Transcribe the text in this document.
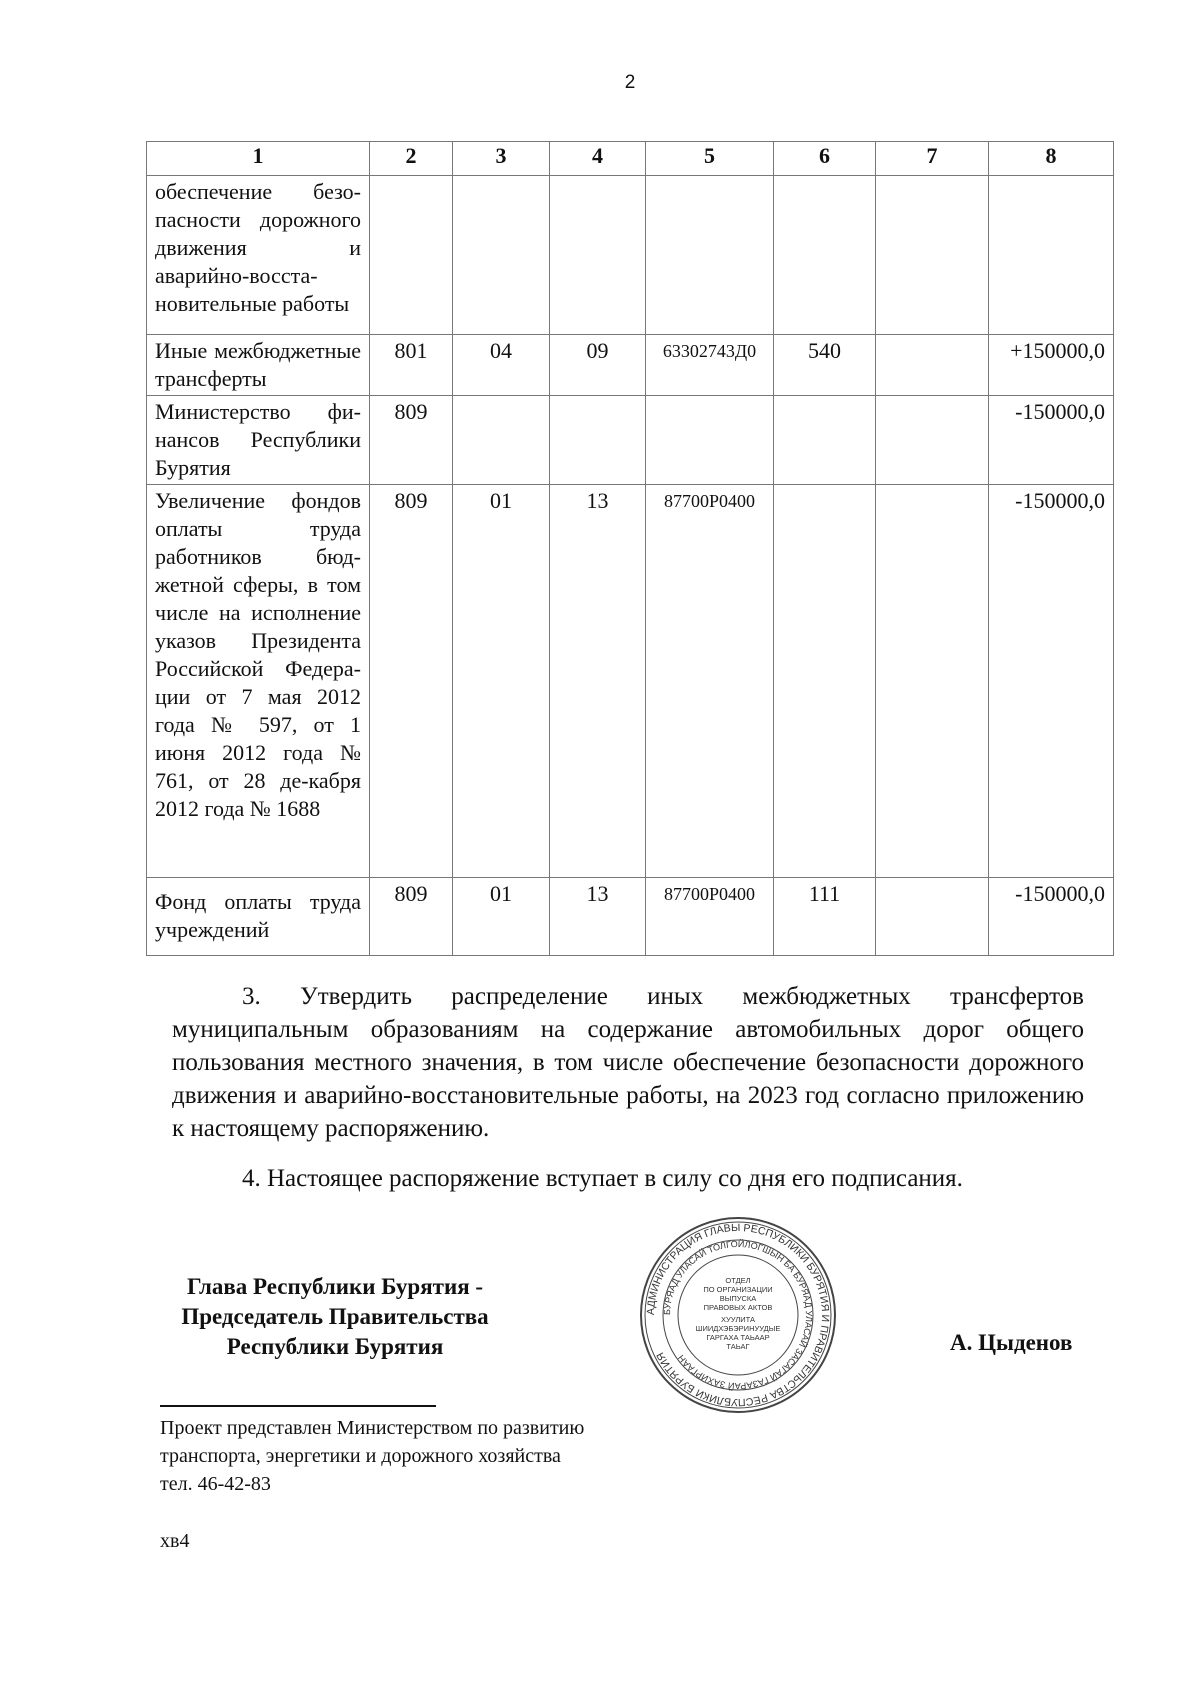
2
1	2	3	4	5	6	7	8
обеспечение безопасности дорожного движения и аварийно-восстановительные работы							
Иные межбюджетные трансферты	801	04	09	63302743Д0	540		+150000,0
Министерство финансов Республики Бурятия	809						-150000,0
Увеличение фондов оплаты труда работников бюджетной сферы, в том числе на исполнение указов Президента Российской Федерации от 7 мая 2012 года № 597, от 1 июня 2012 года № 761, от 28 де-кабря 2012 года № 1688	809	01	13	87700P0400			-150000,0
Фонд оплаты труда учреждений	809	01	13	87700P0400	111		-150000,0
3. Утвердить распределение иных межбюджетных трансфертов муниципальным образованиям на содержание автомобильных дорог общего пользования местного значения, в том числе обеспечение безопасности дорожного движения и аварийно-восстановительные работы, на 2023 год согласно приложению к настоящему распоряжению.
4. Настоящее распоряжение вступает в силу со дня его подписания.
Глава Республики Бурятия -
Председатель Правительства
Республики Бурятия
АДМИНИСТРАЦИЯ ГЛАВЫ РЕСПУБЛИКИ БУРЯТИЯ И ПРАВИТЕЛЬСТВА РЕСПУБЛИКИ БУРЯТИЯ
БУРЯАД УЛАСАЙ ТОЛГОЙЛОГШЫН БА БУРЯАД УЛАСАЙ ЗАСАГАЙ ГАЗАРАЙ ЗАХИРГААН
ОТДЕЛ
ПО ОРГАНИЗАЦИИ
ВЫПУСКА
ПРАВОВЫХ АКТОВ
ХУУЛИТА
ШИИДХЭБЭРИНУУДЫЕ
ГАРГАХА ТАЬААР
ТАЬАГ	А. Цыденов
Проект представлен Министерством по развитию
транспорта, энергетики и дорожного хозяйства
тел. 46-42-83
хв4
